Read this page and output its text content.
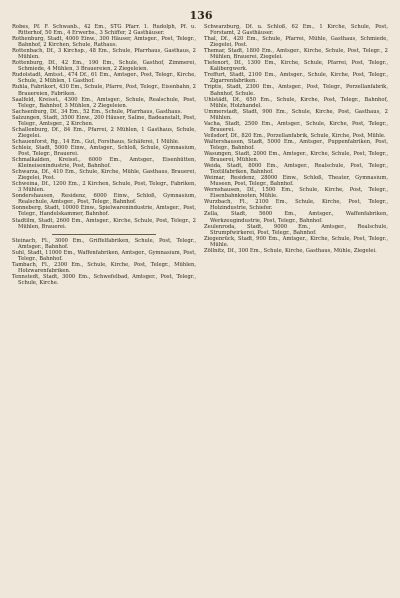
136

Robes, Pf. F. Schwanb., 42 Em., STG Pfarr. 1. Rudolph, Pf. u. Ritterhof, 50 Em., 4 Erwerbs., 3 Schiffer, 2 Gasthäuser.

Rothenburg, Stadt, 4000 Einw., 300 Häuser, Amtsger., Post, Telegr., Bahnhof, 2 Kirchen, Schule, Rathaus.

Rottenbach, Df., 3 Kirchsp., 48 Em., Schule, Pfarrhaus, Gasthaus, 2 Mühlen.

Rottenburg, Df., 42 Em., 190 Em., Schule, Gasthof, Zimmerei, Schmiede, 4 Mühlen, 3 Brauereien, 2 Ziegeleien.

Rudolstadt, Amtsst., 474 Df., 61 Em., Amtsger., Post, Telegr., Kirche, Schule, 2 Mühlen, 1 Gasthof.

Ruhla, Fabrikort, 430 Em., Schule, Pfarre, Post, Telegr., Eisenbahn, 2 Brauereien, Fabriken.

Saalfeld, Kreisst., 4300 Em., Amtsger., Schule, Realschule, Post, Telegr., Bahnhof, 3 Mühlen, 2 Ziegeleien.

Sachsenburg, Df., 34 Em., 52 Em., Schule, Pfarrhaus, Gasthaus.

Salzungen, Stadt, 3500 Einw., 200 Häuser, Saline, Badeanstalt, Post, Telegr., Amtsger., 2 Kirchen.

Schallenburg, Df., 84 Em., Pfarrei, 2 Mühlen, 1 Gasthaus, Schule, Ziegelei.

Schauenforst, Rg., 14 Em., Gut, Forsthaus, Schäferei, 1 Mühle.

Schleiz, Stadt, 5000 Einw., Amtsger., Schloß, Schule, Gymnasium, Post, Telegr., Brauerei.

Schmalkalden, Kreisst., 6000 Em., Amtsger., Eisenhütten, Kleineisenindustrie, Post, Bahnhof.

Schwarza, Df., 410 Em., Schule, Kirche, Mühle, Gasthaus, Brauerei, Ziegelei, Post.

Schweina, Df., 1200 Em., 2 Kirchen, Schule, Post, Telegr., Fabriken, 3 Mühlen.

Sondershausen, Residenz, 6000 Einw., Schloß, Gymnasium, Realschule, Amtsger., Post, Telegr., Bahnhof.

Sonneberg, Stadt, 10000 Einw., Spielwarenindustrie, Amtsger., Post, Telegr., Handelskammer, Bahnhof.

Stadtilm, Stadt, 2600 Em., Amtsger., Kirche, Schule, Post, Telegr., 2 Mühlen, Brauerei.

Steinach, Fl., 3000 Em., Griffelfabriken, Schule, Post, Telegr., Amtsger., Bahnhof.

Suhl, Stadt, 11000 Em., Waffenfabriken, Amtsger., Gymnasium, Post, Telegr., Bahnhof.

Tambach, Fl., 2300 Em., Schule, Kirche, Post, Telegr., Mühlen, Holzwarenfabriken.

Tennstedt, Stadt, 3000 Em., Schwefelbad, Amtsger., Post, Telegr., Schule, Kirche.

Schwarzburg, Df. u. Schloß, 62 Em., 1 Kirche, Schule, Post, Forstamt, 2 Gasthäuser.

Thal, Df., 420 Em., Schule, Pfarrei, Mühle, Gasthaus, Schmiede, Ziegelei, Post.

Themar, Stadt, 1800 Em., Amtsger., Kirche, Schule, Post, Telegr., 2 Mühlen, Brauerei, Ziegelei.

Tiefenort, Df., 1300 Em., Kirche, Schule, Pfarrei, Post, Telegr., Kalibergwerk.

Treffurt, Stadt, 2100 Em., Amtsger., Schule, Kirche, Post, Telegr., Zigarrenfabriken.

Triptis, Stadt, 2300 Em., Amtsger., Post, Telegr., Porzellanfabrik, Bahnhof, Schule.

Uhlstädt, Df., 650 Em., Schule, Kirche, Post, Telegr., Bahnhof, Mühle, Holzhandel.

Ummerstadt, Stadt, 900 Em., Schule, Kirche, Post, Gasthaus, 2 Mühlen.

Vacha, Stadt, 2500 Em., Amtsger., Schule, Kirche, Post, Telegr., Brauerei.

Veilsdorf, Df., 820 Em., Porzellanfabrik, Schule, Kirche, Post, Mühle.

Waltershausen, Stadt, 5000 Em., Amtsger., Puppenfabriken, Post, Telegr., Bahnhof.

Wasungen, Stadt, 2000 Em., Amtsger., Kirche, Schule, Post, Telegr., Brauerei, Mühlen.

Weida, Stadt, 8000 Em., Amtsger., Realschule, Post, Telegr., Textilfabriken, Bahnhof.

Weimar, Residenz, 28000 Einw., Schloß, Theater, Gymnasium, Museen, Post, Telegr., Bahnhof.

Wernshausen, Df., 1500 Em., Schule, Kirche, Post, Telegr., Eisenbahnknoten, Mühle.

Wurzbach, Fl., 2100 Em., Schule, Kirche, Post, Telegr., Holzindustrie, Schiefer.

Zella, Stadt, 5600 Em., Amtsger., Waffenfabriken, Werkzeugindustrie, Post, Telegr., Bahnhof.

Zeulenroda, Stadt, 9000 Em., Amtsger., Realschule, Strumpfwirkerei, Post, Telegr., Bahnhof.

Ziegenrück, Stadt, 900 Em., Amtsger., Kirche, Schule, Post, Telegr., Mühle.

Zöllnitz, Df., 300 Em., Schule, Kirche, Gasthaus, Mühle, Ziegelei.
